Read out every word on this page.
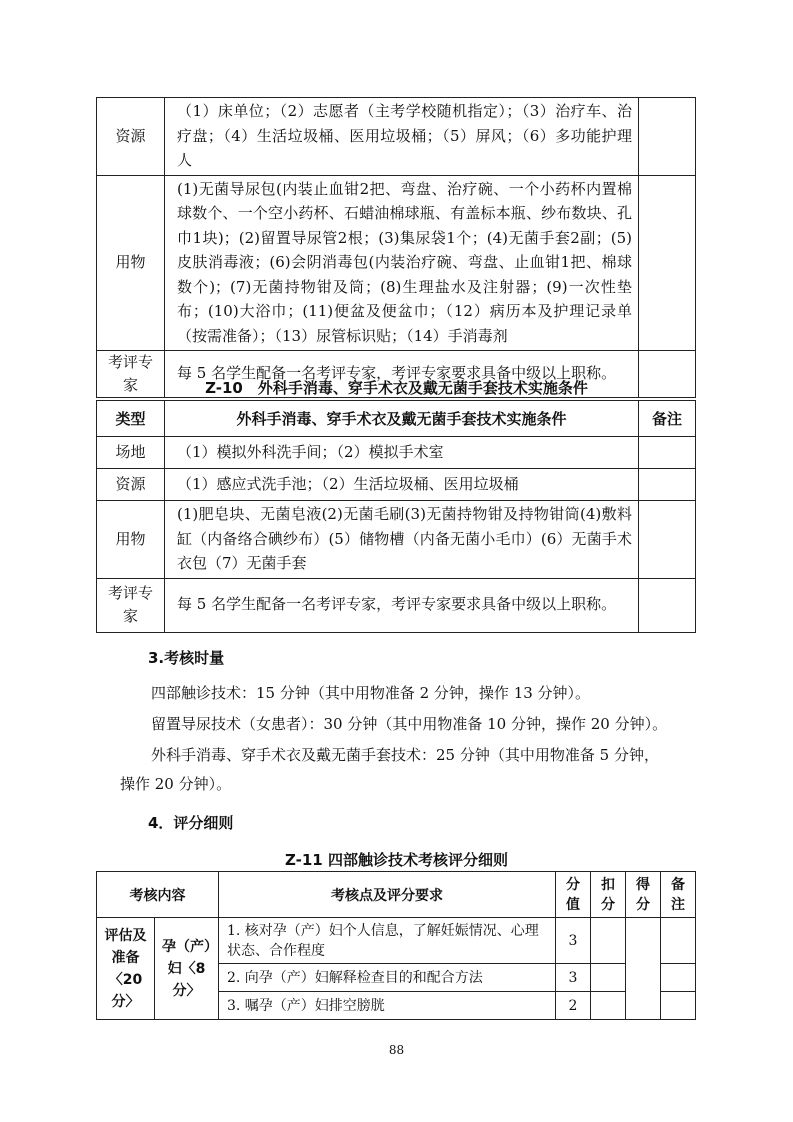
资源	（1）床单位；（2）志愿者（主考学校随机指定）；（3）治疗车、治疗盘；（4）生活垃圾桶、医用垃圾桶；（5）屏风；（6）多功能护理人	
用物	(1)无菌导尿包(内装止血钳2把、弯盘、治疗碗、一个小药杯内置棉球数个、一个空小药杯、石蜡油棉球瓶、有盖标本瓶、纱布数块、孔巾1块)；(2)留置导尿管2根；(3)集尿袋1个；(4)无菌手套2副；(5)皮肤消毒液；(6)会阴消毒包(内装治疗碗、弯盘、止血钳1把、棉球数个)；(7)无菌持物钳及筒；(8)生理盐水及注射器；(9)一次性垫布；(10)大浴巾；(11)便盆及便盆巾；（12）病历本及护理记录单（按需准备）；（13）尿管标识贴；（14）手消毒剂	
考评专家	每 5 名学生配备一名考评专家，考评专家要求具备中级以上职称。	
Z-10　外科手消毒、穿手术衣及戴无菌手套技术实施条件
类型	外科手消毒、穿手术衣及戴无菌手套技术实施条件	备注
场地	（1）模拟外科洗手间；（2）模拟手术室	
资源	（1）感应式洗手池；（2）生活垃圾桶、医用垃圾桶	
用物	(1)肥皂块、无菌皂液(2)无菌毛刷(3)无菌持物钳及持物钳筒(4)敷料缸（内备络合碘纱布）(5）储物槽（内备无菌小毛巾）(6）无菌手术衣包（7）无菌手套	
考评专家	每 5 名学生配备一名考评专家，考评专家要求具备中级以上职称。	
3.考核时量
四部触诊技术：15 分钟（其中用物准备 2 分钟，操作 13 分钟）。
留置导尿技术（女患者）：30 分钟（其中用物准备 10 分钟，操作 20 分钟）。
外科手消毒、穿手术衣及戴无菌手套技术：25 分钟（其中用物准备 5 分钟，
操作 20 分钟）。
4．评分细则
Z-11 四部触诊技术考核评分细则
考核内容		考核点及评分要求	分值	扣分	得分	备注
评估及准备〈20 分〉	孕（产）妇〈8 分〉	1. 核对孕（产）妇个人信息，了解妊娠情况、心理状态、合作程度	3			
		2. 向孕（产）妇解释检查目的和配合方法	3			
		3. 嘱孕（产）妇排空膀胱	2			
88
